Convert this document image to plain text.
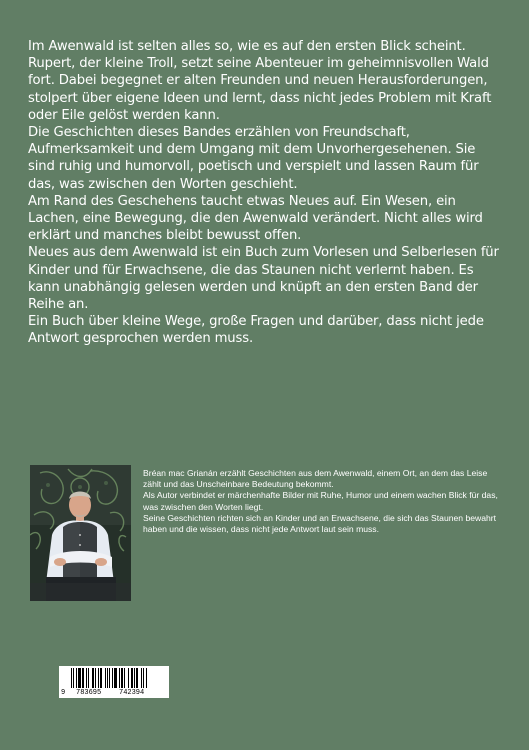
Im Awenwald ist selten alles so, wie es auf den ersten Blick scheint. Rupert, der kleine Troll, setzt seine Abenteuer im geheimnisvollen Wald fort. Dabei begegnet er alten Freunden und neuen Herausforderungen, stolpert über eigene Ideen und lernt, dass nicht jedes Problem mit Kraft oder Eile gelöst werden kann.

Die Geschichten dieses Bandes erzählen von Freundschaft, Aufmerksamkeit und dem Umgang mit dem Unvorhergesehenen. Sie sind ruhig und humorvoll, poetisch und verspielt und lassen Raum für das, was zwischen den Worten geschieht.

Am Rand des Geschehens taucht etwas Neues auf. Ein Wesen, ein Lachen, eine Bewegung, die den Awenwald verändert. Nicht alles wird erklärt und manches bleibt bewusst offen.

Neues aus dem Awenwald ist ein Buch zum Vorlesen und Selberlesen für Kinder und für Erwachsene, die das Staunen nicht verlernt haben. Es kann unabhängig gelesen werden und knüpft an den ersten Band der Reihe an.

Ein Buch über kleine Wege, große Fragen und darüber, dass nicht jede Antwort gesprochen werden muss.

Bréan mac Grianán erzählt Geschichten aus dem Awenwald, einem Ort, an dem das Leise zählt und das Unscheinbare Bedeutung bekommt.

Als Autor verbindet er märchenhafte Bilder mit Ruhe, Humor und einem wachen Blick für das, was zwischen den Worten liegt.

Seine Geschichten richten sich an Kinder und an Erwachsene, die sich das Staunen bewahrt haben und die wissen, dass nicht jede Antwort laut sein muss.

9 783695	742394
